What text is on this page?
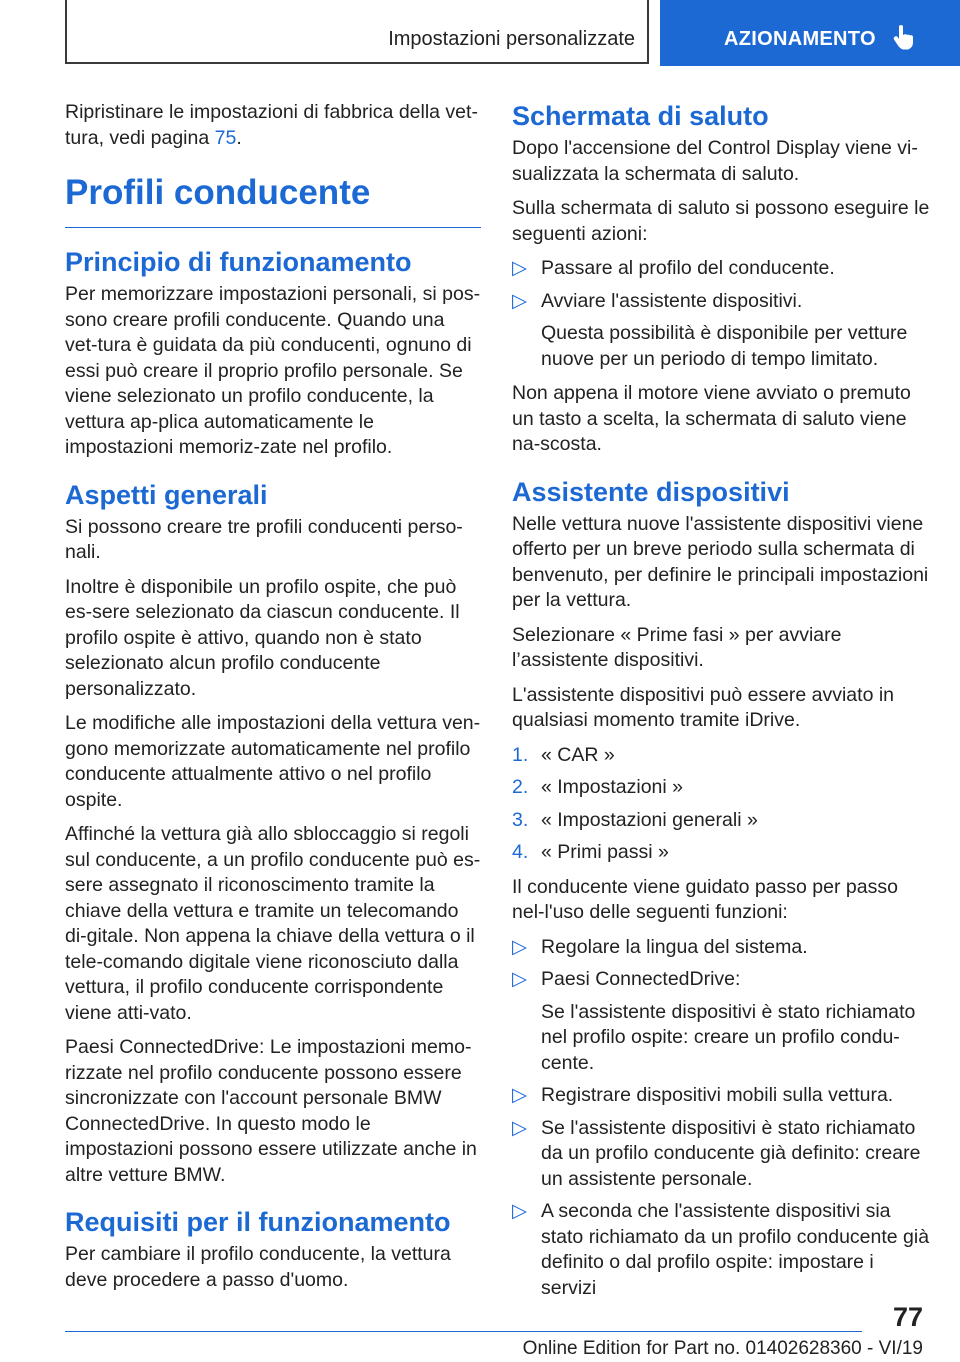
Impostazioni personalizzate	AZIONAMENTO

Ripristinare le impostazioni di fabbrica della vet-tura, vedi pagina 75.

Profili conducente
Principio di funzionamento

Per memorizzare impostazioni personali, si pos-sono creare profili conducente. Quando una vet-tura è guidata da più conducenti, ognuno di essi può creare il proprio profilo personale. Se viene selezionato un profilo conducente, la vettura ap-plica automaticamente le impostazioni memoriz-zate nel profilo.

Aspetti generali

Si possono creare tre profili conducenti perso-nali.

Inoltre è disponibile un profilo ospite, che può es-sere selezionato da ciascun conducente. Il profilo ospite è attivo, quando non è stato selezionato alcun profilo conducente personalizzato.

Le modifiche alle impostazioni della vettura ven-gono memorizzate automaticamente nel profilo conducente attualmente attivo o nel profilo ospite.

Affinché la vettura già allo sbloccaggio si regoli sul conducente, a un profilo conducente può es-sere assegnato il riconoscimento tramite la chiave della vettura e tramite un telecomando di-gitale. Non appena la chiave della vettura o il tele-comando digitale viene riconosciuto dalla vettura, il profilo conducente corrispondente viene atti-vato.

Paesi ConnectedDrive: Le impostazioni memo-rizzate nel profilo conducente possono essere sincronizzate con l'account personale BMW ConnectedDrive. In questo modo le impostazioni possono essere utilizzate anche in altre vetture BMW.

Requisiti per il funzionamento

Per cambiare il profilo conducente, la vettura deve procedere a passo d'uomo.

Schermata di saluto

Dopo l'accensione del Control Display viene vi-sualizzata la schermata di saluto.

Sulla schermata di saluto si possono eseguire le seguenti azioni:

▷ Passare al profilo del conducente.
▷ Avviare l'assistente dispositivi.
Questa possibilità è disponibile per vetture nuove per un periodo di tempo limitato.

Non appena il motore viene avviato o premuto un tasto a scelta, la schermata di saluto viene na-scosta.

Assistente dispositivi

Nelle vettura nuove l'assistente dispositivi viene offerto per un breve periodo sulla schermata di benvenuto, per definire le principali impostazioni per la vettura.

Selezionare « Prime fasi » per avviare l’assistente dispositivi.

L'assistente dispositivi può essere avviato in qualsiasi momento tramite iDrive.

1. « CAR »
2. « Impostazioni »
3. « Impostazioni generali »
4. « Primi passi »

Il conducente viene guidato passo per passo nel-l'uso delle seguenti funzioni:

▷ Regolare la lingua del sistema.
▷ Paesi ConnectedDrive:
Se l'assistente dispositivi è stato richiamato nel profilo ospite: creare un profilo condu-cente.
▷ Registrare dispositivi mobili sulla vettura.
▷ Se l'assistente dispositivi è stato richiamato da un profilo conducente già definito: creare un assistente personale.
▷ A seconda che l'assistente dispositivi sia stato richiamato da un profilo conducente già definito o dal profilo ospite: impostare i servizi
77
Online Edition for Part no. 01402628360 - VI/19
